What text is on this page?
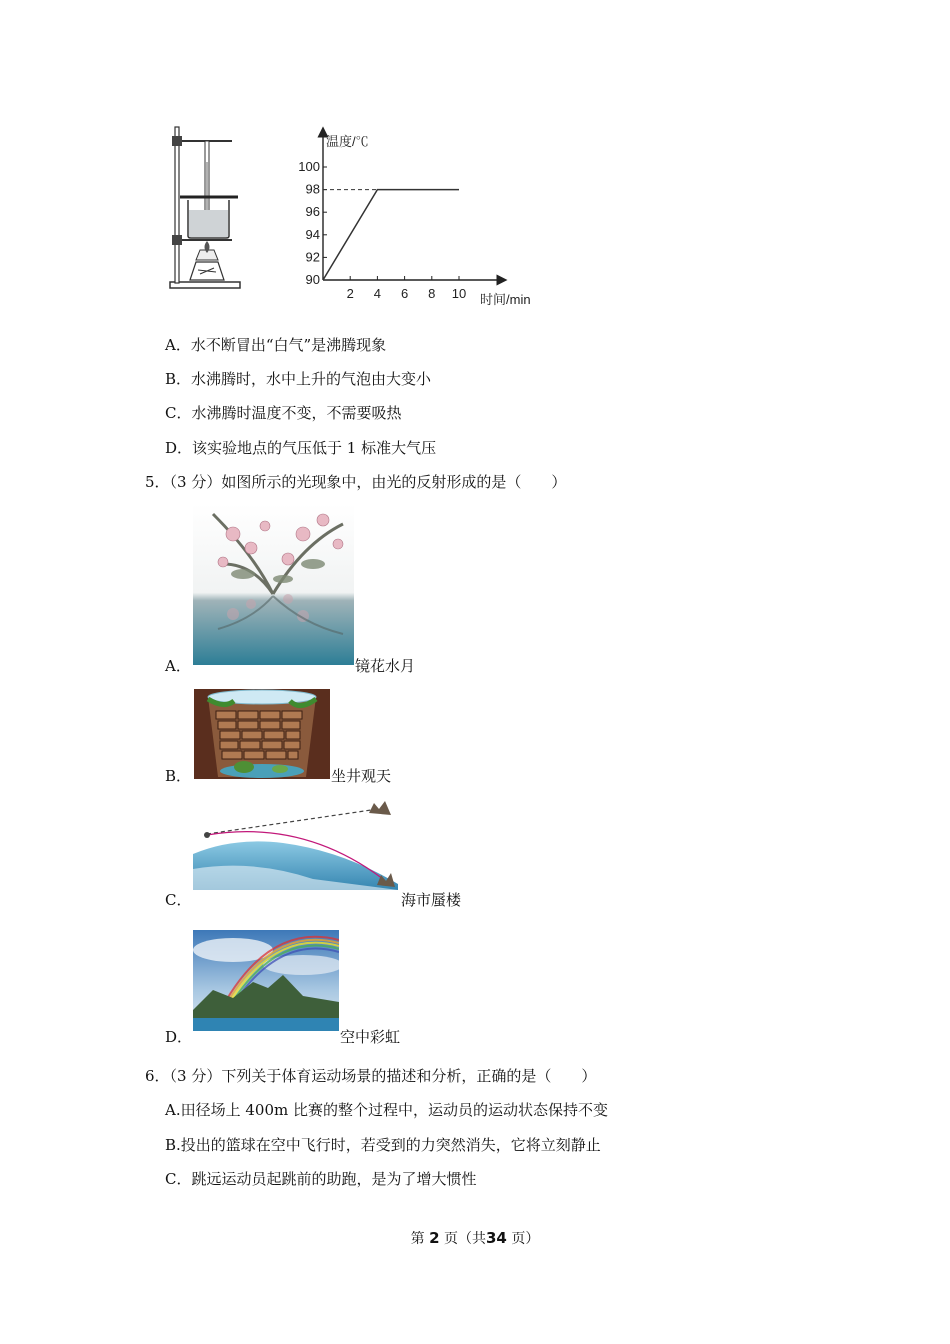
90
92
94
96
98
100
2 4 6 8 10
温度/℃
时间/min
A．水不断冒出“白气”是沸腾现象
B．水沸腾时，水中上升的气泡由大变小
C．水沸腾时温度不变，不需要吸热
D．该实验地点的气压低于 1 标准大气压
5．（3 分）如图所示的光现象中，由光的反射形成的是（　　）
A．	镜花水月
B．	坐井观天
C．	海市蜃楼
D．	空中彩虹
6．（3 分）下列关于体育运动场景的描述和分析，正确的是（　　）
A.田径场上 400m 比赛的整个过程中，运动员的运动状态保持不变
B.投出的篮球在空中飞行时，若受到的力突然消失，它将立刻静止
C．跳远运动员起跳前的助跑，是为了增大惯性
第 2 页（共34 页）
